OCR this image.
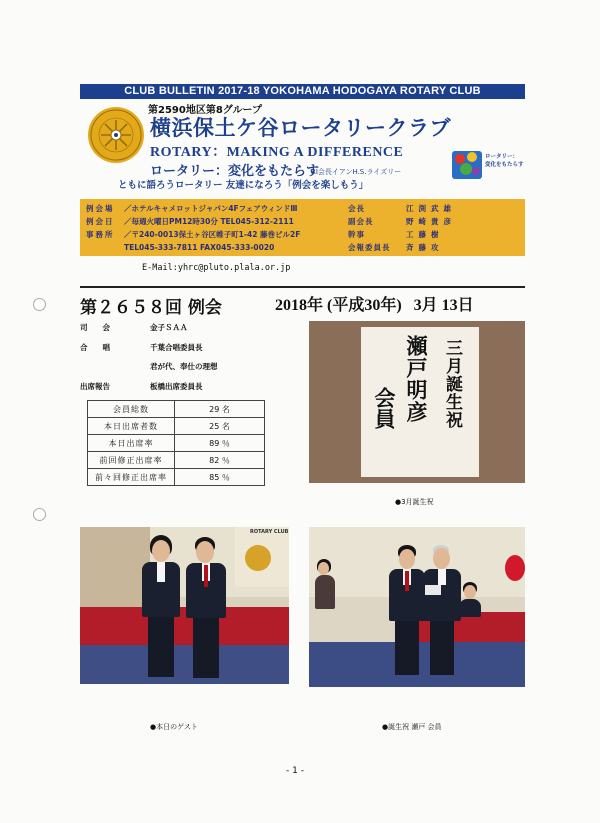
CLUB BULLETIN 2017-18 YOKOHAMA HODOGAYA ROTARY CLUB
第2590地区第8グループ
横浜保土ケ谷ロータリークラブ
ROTARY：MAKING A DIFFERENCE
ロータリー：変化をもたらす
RI会長イアンH.S.ライズリー
ともに語ろうロータリー 友達になろう「例会を楽しもう」
ロータリー：
変化をもたらす
例会場 ／ホテルキャメロットジャパン4FフェアウィンドⅢ
例会日 ／毎週火曜日PM12時30分 TEL045-312-2111
事務所 ／〒240-0013保土ヶ谷区帷子町1-42 藤巻ビル2F
TEL045-333-7811 FAX045-333-0020
会長	江渕武雄
副会長	野崎貴彦
幹事	工藤樹
会報委員長 斉藤攻
E-Mail:yhrc@pluto.plala.or.jp
第２６５８回 例会	2018年 (平成30年)   3月 13日
司　　会	金子ＳＡＡ
合　　唱	千葉合唱委員長
君が代、奉仕の理想
出席報告	板橋出席委員長
会員総数	29 名
本日出席者数	25 名
本日出席率	89 ％
前回修正出席率	82 ％
前々回修正出席率	85 ％
三月誕生祝
瀬戸明彦
会員
●3月誕生祝
ROTARY CLUB
●本日のゲスト	●誕生祝 瀬戸 会員
- 1 -
